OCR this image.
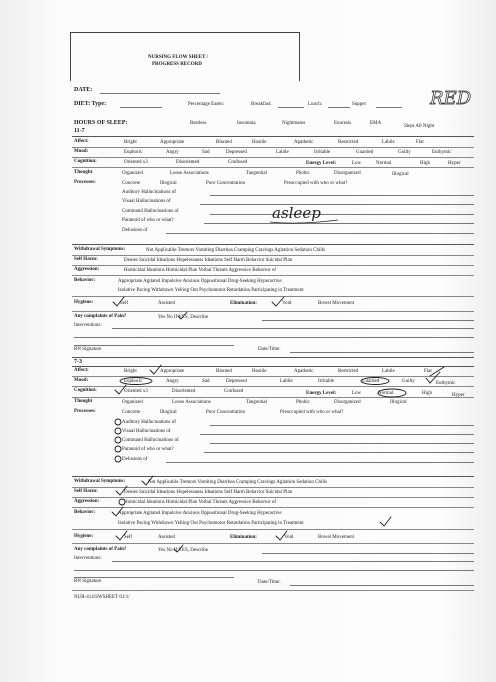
NURSING FLOW SHEET /
PROGRESS RECORD
DATE:
DIET: Type:	Percentage Eaten:	Breakfast:	Lunch:	Supper	RED
HOURS OF SLEEP:	Restless	Insomnia	Nightmares	Enuresis	EMA
Slept All Night
11-7
Affect:	Bright	Appropriate	Blunted	Hostile	Apathetic	Restricted	Labile	Flat
Mood:	Euphoric	Angry	Sad	Depressed	Labile	Irritable	Guarded	Guilty	Euthymic
Cognition:	Oriented x3	Disoriented	Confused	Energy Level:	Low	Normal	High	Hyper
Thought
Processes:
Organized	Loose Associations	Tangential	Phobic	Disorganized	Illogical
Concrete	Illogical	Poor Concentration	Preoccupied with who or what?
Auditory Hallucinations of
Visual Hallucinations of
Command Hallucinations of
Paranoid of who or what?
Delusions of
asleep
Withdrawal Symptoms:	Not Applicable Tremors Vomiting Diarrhea Cramping Cravings Agitation Sedation Chills
Self Harm:	Denies Suicidal Ideations Hopelessness Ideations Self Harm Behavior Suicidal Plan
Aggression:	Homicidal Ideations Homicidal Plan Verbal Threats Aggressive Behavior of
Behavior:	Appropriate Agitated Impulsive Anxious Oppositional Drug-Seeking Hyperactive
Isolative Pacing Withdrawn Yelling Out Psychomotor Retardation Participating in Treatment
Hygiene:	Self	Assisted	Elimination:	Void	Bowel Movement
Any complaints of Pain?	Yes No If YES, Describe
Interventions:
RN Signature	Date/Time:
7-3
Affect:	Bright	Appropriate	Blunted	Hostile	Apathetic	Restricted	Labile	Flat
Mood:	Euphoric	Angry	Sad	Depressed	Labile	Irritable	Guarded	Guilty	Euthymic
Cognition:	Oriented x3	Disoriented	Confused	Energy Level:	Low	Normal	High	Hyper
Thought
Processes:
Organized	Loose Associations	Tangential	Phobic	Disorganized	Illogical
Concrete	Illogical	Poor Concentration	Preoccupied with who or what?
Auditory Hallucinations of
Visual Hallucinations of
Command Hallucinations of
Paranoid of who or what?
Delusions of
Withdrawal Symptoms:	Not Applicable Tremors Vomiting Diarrhea Cramping Cravings Agitation Sedation Chills
Self Harm:	Denies Suicidal Ideations Hopelessness Ideations Self Harm Behavior Suicidal Plan
Aggression:	Homicidal Ideations Homicidal Plan Verbal Threats Aggressive Behavior of
Behavior:	Appropriate Agitated Impulsive Anxious Oppositional Drug-Seeking Hyperactive
Isolative Pacing Withdrawn Yelling Out Psychomotor Retardation Participating in Treatment
Hygiene:	Self	Assisted	Elimination:	Void	Bowel Movement
Any complaints of Pain?	Yes No If YES, Describe
Interventions:
RN Signature	Date/Time:
NUR-414/SWSHEET 01/1/
